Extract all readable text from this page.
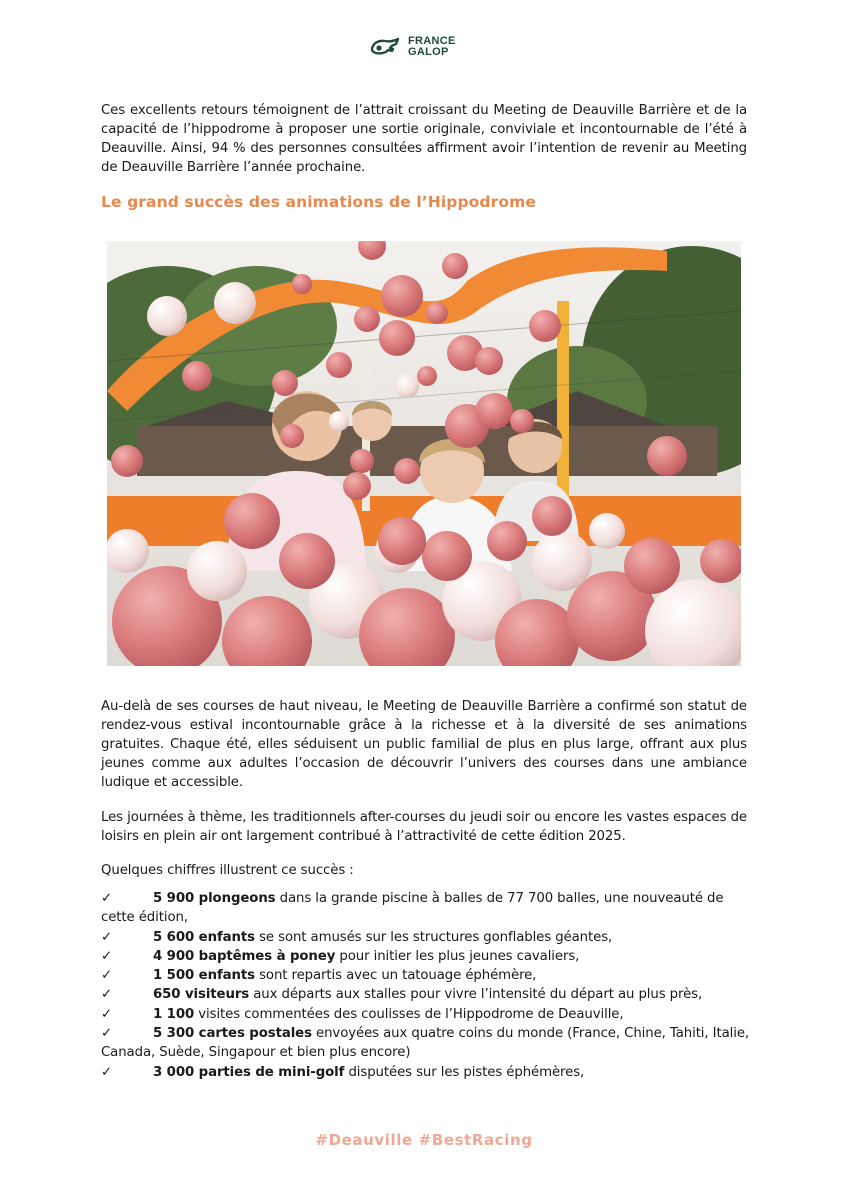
FRANCE
GALOP

Ces excellents retours témoignent de l’attrait croissant du Meeting de Deauville Barrière et de la capacité de l’hippodrome à proposer une sortie originale, conviviale et incontournable de l’été à Deauville. Ainsi, 94 % des personnes consultées affirment avoir l’intention de revenir au Meeting de Deauville Barrière l’année prochaine.

Le grand succès des animations de l’Hippodrome

Au-delà de ses courses de haut niveau, le Meeting de Deauville Barrière a confirmé son statut de rendez-vous estival incontournable grâce à la richesse et à la diversité de ses animations gratuites. Chaque été, elles séduisent un public familial de plus en plus large, offrant aux plus jeunes comme aux adultes l’occasion de découvrir l’univers des courses dans une ambiance ludique et accessible.

Les journées à thème, les traditionnels after-courses du jeudi soir ou encore les vastes espaces de loisirs en plein air ont largement contribué à l’attractivité de cette édition 2025.

Quelques chiffres illustrent ce succès :

✓	5 900 plongeons dans la grande piscine à balles de 77 700 balles, une nouveauté de cette édition,
✓	5 600 enfants se sont amusés sur les structures gonflables géantes,
✓	4 900 baptêmes à poney pour initier les plus jeunes cavaliers,
✓	1 500 enfants sont repartis avec un tatouage éphémère,
✓	650 visiteurs aux départs aux stalles pour vivre l’intensité du départ au plus près,
✓	1 100 visites commentées des coulisses de l’Hippodrome de Deauville,
✓	5 300 cartes postales envoyées aux quatre coins du monde (France, Chine, Tahiti, Italie, Canada, Suède, Singapour et bien plus encore)
✓	3 000 parties de mini-golf disputées sur les pistes éphémères,

#Deauville #BestRacing
